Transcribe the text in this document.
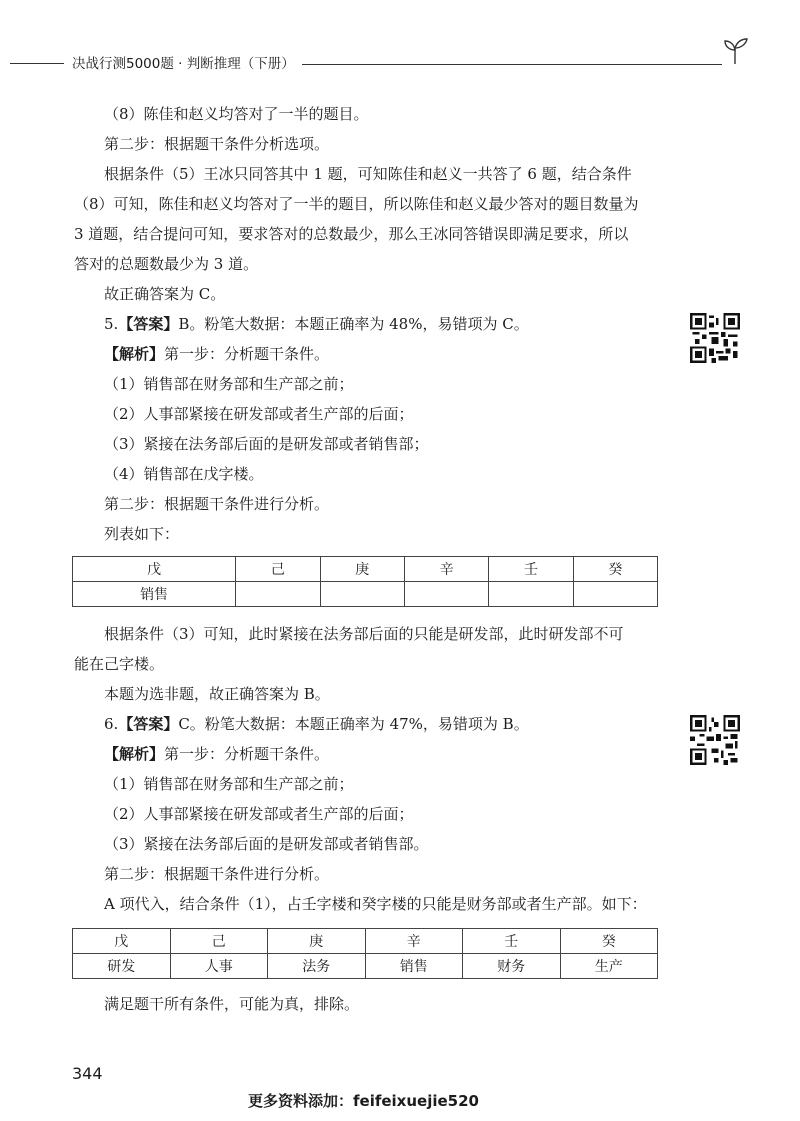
决战行测5000题 · 判断推理（下册）
（8）陈佳和赵义均答对了一半的题目。
第二步：根据题干条件分析选项。
根据条件（5）王冰只同答其中 1 题，可知陈佳和赵义一共答了 6 题，结合条件
（8）可知，陈佳和赵义均答对了一半的题目，所以陈佳和赵义最少答对的题目数量为
3 道题，结合提问可知，要求答对的总数最少，那么王冰同答错误即满足要求，所以
答对的总题数最少为 3 道。
故正确答案为 C。
5.【答案】B。粉笔大数据：本题正确率为 48%，易错项为 C。
【解析】第一步：分析题干条件。
（1）销售部在财务部和生产部之前；
（2）人事部紧接在研发部或者生产部的后面；
（3）紧接在法务部后面的是研发部或者销售部；
（4）销售部在戊字楼。
第二步：根据题干条件进行分析。
列表如下：
戊	己	庚	辛	壬	癸
销售					
根据条件（3）可知，此时紧接在法务部后面的只能是研发部，此时研发部不可
能在己字楼。
本题为选非题，故正确答案为 B。
6.【答案】C。粉笔大数据：本题正确率为 47%，易错项为 B。
【解析】第一步：分析题干条件。
（1）销售部在财务部和生产部之前；
（2）人事部紧接在研发部或者生产部的后面；
（3）紧接在法务部后面的是研发部或者销售部。
第二步：根据题干条件进行分析。
A 项代入，结合条件（1），占壬字楼和癸字楼的只能是财务部或者生产部。如下：
戊	己	庚	辛	壬	癸
研发	人事	法务	销售	财务	生产
满足题干所有条件，可能为真，排除。
344
更多资料添加：feifeixuejie520
